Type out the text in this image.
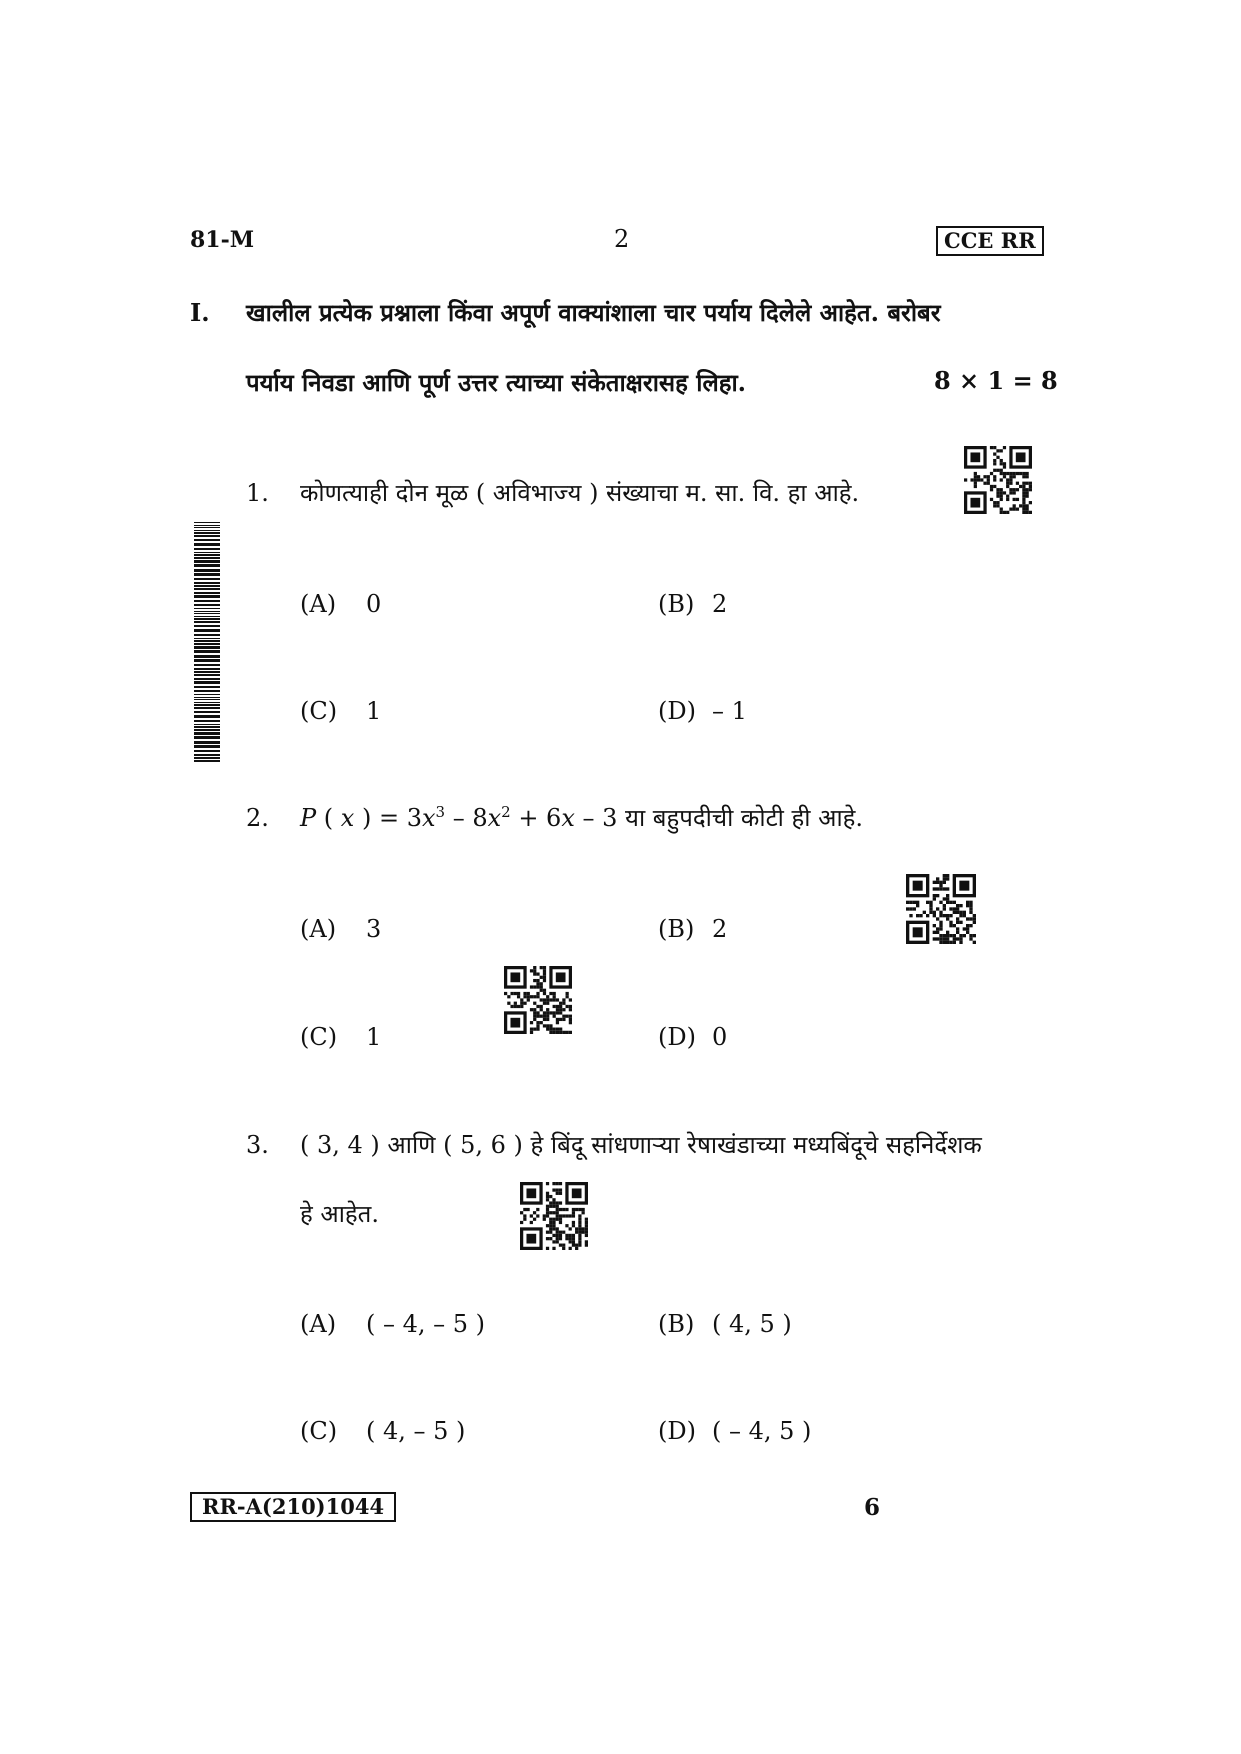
81-M	2	CCE RR
I. खालील प्रत्येक प्रश्नाला किंवा अपूर्ण वाक्यांशाला चार पर्याय दिलेले आहेत. बरोबर
पर्याय निवडा आणि पूर्ण उत्तर त्याच्या संकेताक्षरासह लिहा.	8 × 1 = 8
1. कोणत्याही दोन मूळ ( अविभाज्य ) संख्याचा म. सा. वि. हा आहे.
(A) 0	(B) 2
(C) 1	(D) – 1
2. P ( x ) = $3x^3 - 8x^2 + 6x - 3$ या बहुपदीची कोटी ही आहे.
(A) 3	(B) 2
(C) 1	(D) 0
3. ( 3, 4 ) आणि ( 5, 6 ) हे बिंदू सांधणाऱ्या रेषाखंडाच्या मध्यबिंदूचे सहनिर्देशक
हे आहेत.
(A) ( – 4, – 5 )	(B) ( 4, 5 )
(C) ( 4, – 5 )	(D) ( – 4, 5 )
RR-A(210)1044	6
